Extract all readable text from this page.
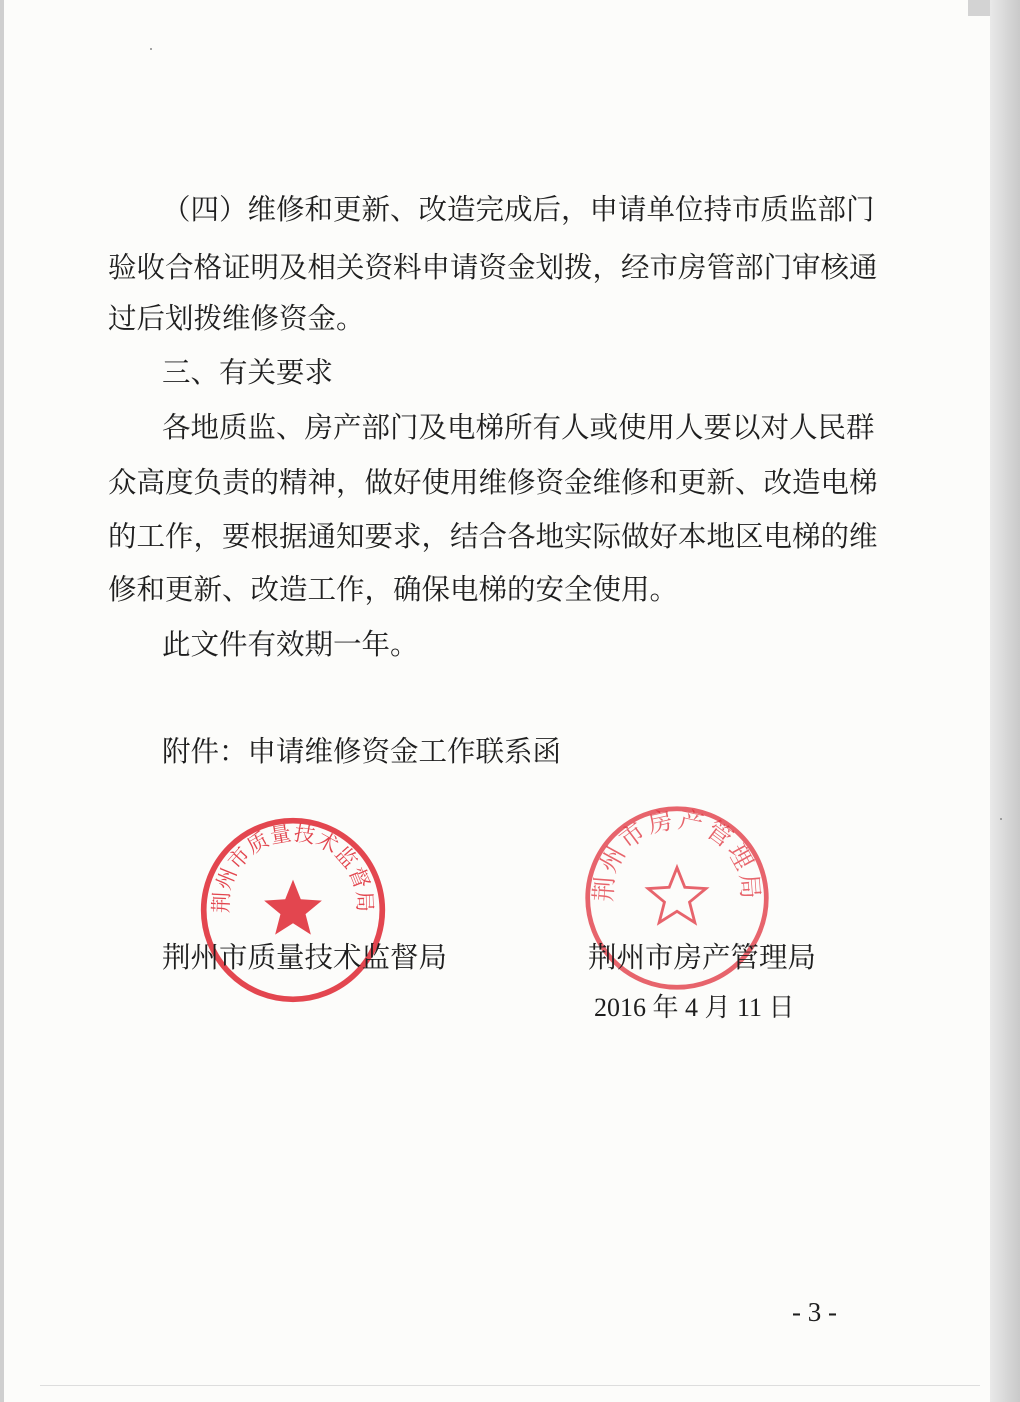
（四）维修和更新、改造完成后，申请单位持市质监部门

验收合格证明及相关资料申请资金划拨，经市房管部门审核通

过后划拨维修资金。

三、有关要求

各地质监、房产部门及电梯所有人或使用人要以对人民群

众高度负责的精神，做好使用维修资金维修和更新、改造电梯

的工作，要根据通知要求，结合各地实际做好本地区电梯的维

修和更新、改造工作，确保电梯的安全使用。

此文件有效期一年。

附件：申请维修资金工作联系函

荆州市质量技术监督局	荆州市房产管理局
荆州市质量技术监督局	荆州市房产管理局
2016 年 4 月 11 日
- 3 -
